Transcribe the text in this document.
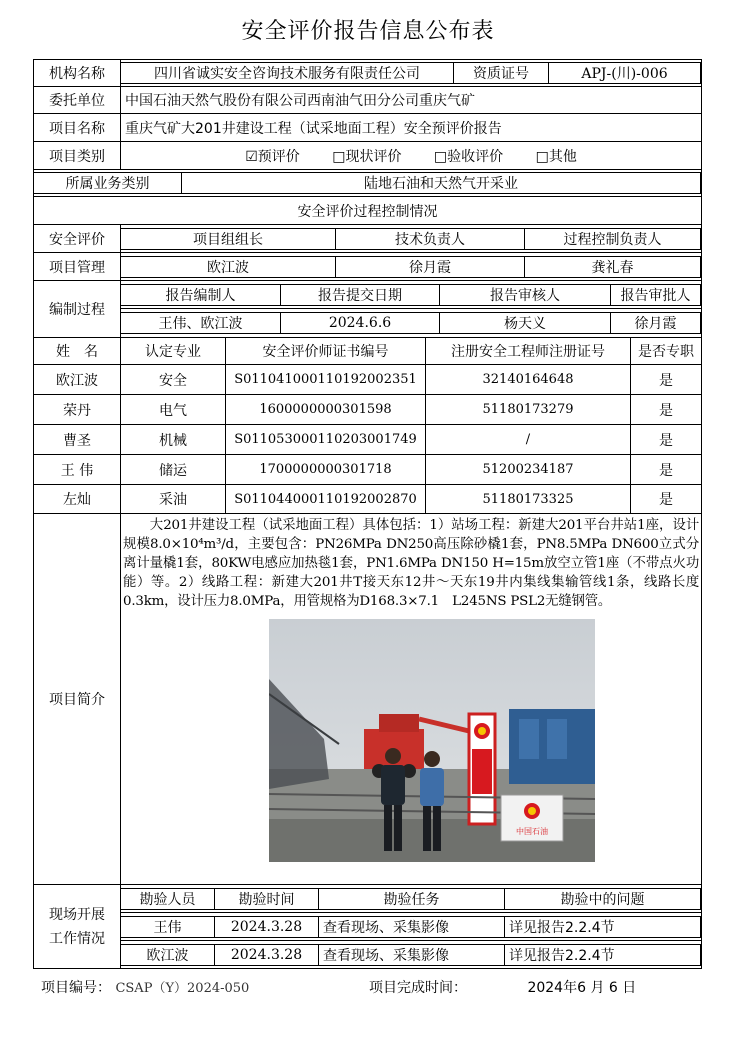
安全评价报告信息公布表
机构名称		四川省诚实安全咨询技术服务有限责任公司	资质证号	APJ-(川)-006

委托单位	中国石油天然气股份有限公司西南油气田分公司重庆气矿
项目名称	重庆气矿大201井建设工程（试采地面工程）安全预评价报告
项目类别	☑预评价 □现状评价 □验收评价 □其他

所属业务类别	陆地石油和天然气开采业

安全评价过程控制情况
安全评价		项目组组长	技术负责人	过程控制负责人

项目管理		欧江波	徐月霞	龚礼春

编制过程	
报告编制人	报告提交日期	报告审核人	报告审批人

王伟、欧江波	2024.6.6	杨天义	徐月霞

姓　名	认定专业	安全评价师证书编号	注册安全工程师注册证号	是否专职
欧江波	安全	S011041000110192002351	32140164648	是
荣丹	电气	1600000000301598	51180173279	是
曹圣	机械	S011053000110203001749	/	是
王 伟	储运	1700000000301718	51200234187	是
左灿	采油	S011044000110192002870	51180173325	是
项目简介	

大201井建设工程（试采地面工程）具体包括：1）站场工程：新建大201平台井站1座，设计规模8.0×10⁴m³/d，主要包含：PN26MPa DN250高压除砂橇1套，PN8.5MPa DN600立式分离计量橇1套，80KW电感应加热毯1套，PN1.6MPa DN150 H=15m放空立管1座（不带点火功能）等。2）线路工程：新建大201井T接天东12井～天东19井内集线集输管线1条，线路长度0.3km，设计压力8.0MPa，用管规格为D168.3×7.1　L245NS PSL2无缝钢管。

中国石油

现场开展
工作情况	
勘验人员	勘验时间	勘验任务	勘验中的问题

王伟	2024.3.28	查看现场、采集影像	详见报告2.2.4节

欧江波	2024.3.28	查看现场、采集影像	详见报告2.2.4节
项目编号： CSAP（Y）2024-050	项目完成时间：	2024年6 月 6 日
